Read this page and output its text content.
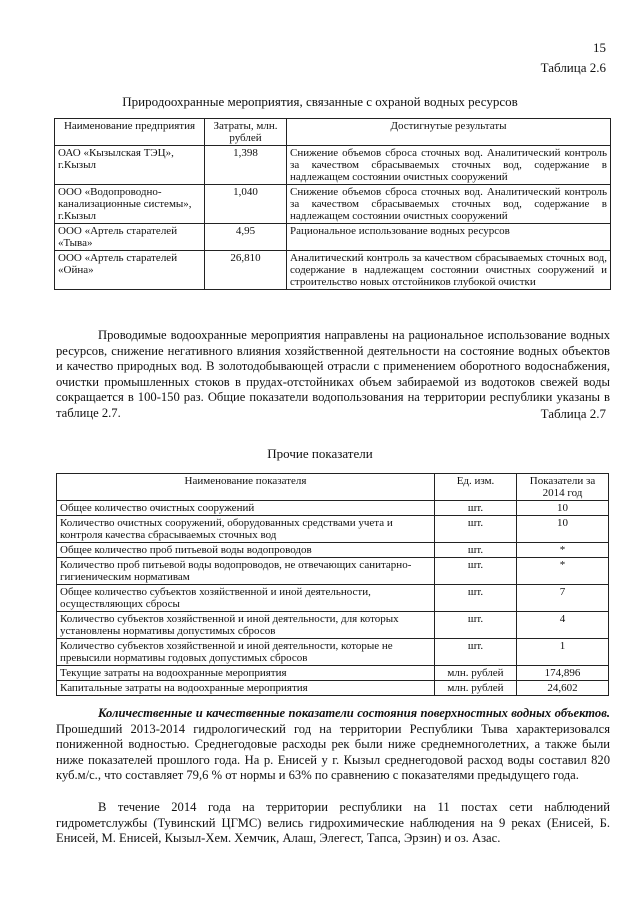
15
Таблица 2.6
Природоохранные мероприятия, связанные с охраной водных ресурсов
Наименование предприятия	Затраты, млн. рублей	Достигнутые результаты
ОАО «Кызылская ТЭЦ», г.Кызыл	1,398	Снижение объемов сброса сточных вод. Аналитический контроль за качеством сбрасываемых сточных вод, содержание в надлежащем состоянии очистных сооружений
ООО «Водопроводно-канализационные системы», г.Кызыл	1,040	Снижение объемов сброса сточных вод. Аналитический контроль за качеством сбрасываемых сточных вод, содержание в надлежащем состоянии очистных сооружений
ООО «Артель старателей «Тыва»	4,95	Рациональное использование водных ресурсов
ООО «Артель старателей «Ойна»	26,810	Аналитический контроль за качеством сбрасываемых сточных вод, содержание в надлежащем состоянии очистных сооружений и строительство новых отстойников глубокой очистки

Проводимые водоохранные мероприятия направлены на рациональное использование водных ресурсов, снижение негативного влияния хозяйственной деятельности на состояние водных объектов и качество природных вод. В золотодобывающей отрасли с применением оборотного водоснабжения, очистки промышленных стоков в прудах-отстойниках объем забираемой из водотоков свежей воды сокращается в 100-150 раз. Общие показатели водопользования на территории республики указаны в таблице 2.7.	Таблица 2.7
Прочие показатели
Наименование показателя	Ед. изм.	Показатели за 2014 год
Общее количество очистных сооружений	шт.	10
Количество очистных сооружений, оборудованных средствами учета и контроля качества сбрасываемых сточных вод	шт.	10
Общее количество проб питьевой воды водопроводов	шт.	*
Количество проб питьевой воды водопроводов, не отвечающих санитарно-гигиеническим нормативам	шт.	*
Общее количество субъектов хозяйственной и иной деятельности, осуществляющих сбросы	шт.	7
Количество субъектов хозяйственной и иной деятельности, для которых установлены нормативы допустимых сбросов	шт.	4
Количество субъектов хозяйственной и иной деятельности, которые не превысили нормативы годовых допустимых сбросов	шт.	1
Текущие затраты на водоохранные мероприятия	млн. рублей	174,896
Капитальные затраты на водоохранные мероприятия	млн. рублей	24,602

Количественные и качественные показатели состояния поверхностных водных объектов. Прошедший 2013-2014 гидрологический год на территории Республики Тыва характеризовался пониженной водностью. Среднегодовые расходы рек были ниже среднемноголетних, а также были ниже показателей прошлого года. На р. Енисей у г. Кызыл среднегодовой расход воды составил 820 куб.м/с., что составляет 79,6 % от нормы и 63% по сравнению с показателями предыдущего года.

В течение 2014 года на территории республики на 11 постах сети наблюдений гидрометслужбы (Тувинский ЦГМС) велись гидрохимические наблюдения на 9 реках (Енисей, Б. Енисей, М. Енисей, Кызыл-Хем. Хемчик, Алаш, Элегест, Тапса, Эрзин) и оз. Азас.
